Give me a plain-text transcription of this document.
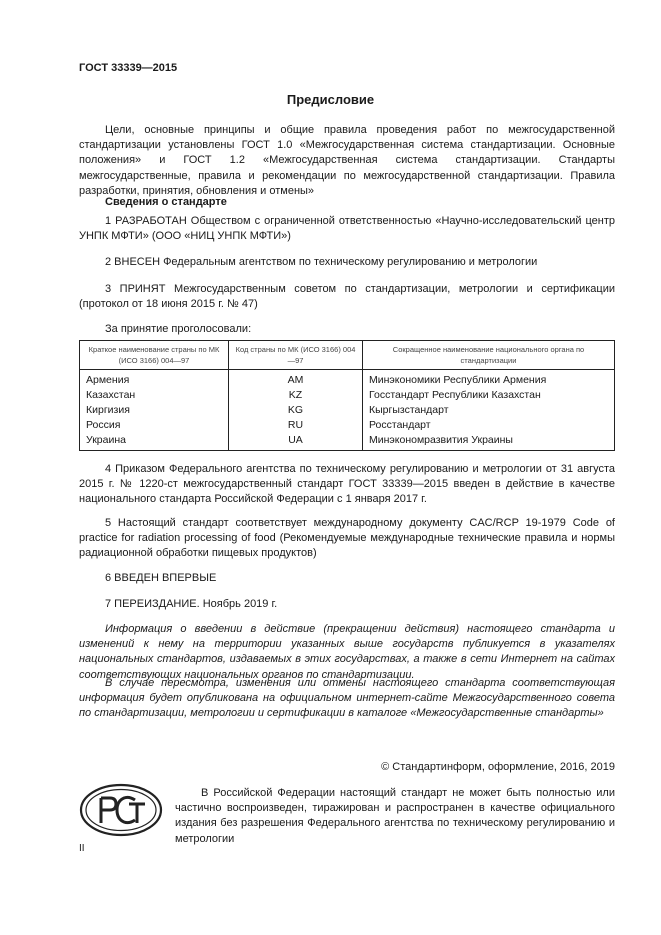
ГОСТ 33339—2015
Предисловие
Цели, основные принципы и общие правила проведения работ по межгосударственной стандартизации установлены ГОСТ 1.0 «Межгосударственная система стандартизации. Основные положения» и ГОСТ 1.2 «Межгосударственная система стандартизации. Стандарты межгосударственные, правила и рекомендации по межгосударственной стандартизации. Правила разработки, принятия, обновления и отмены»
Сведения о стандарте
1 РАЗРАБОТАН Обществом с ограниченной ответственностью «Научно-исследовательский центр УНПК МФТИ» (ООО «НИЦ УНПК МФТИ»)
2 ВНЕСЕН Федеральным агентством по техническому регулированию и метрологии
3 ПРИНЯТ Межгосударственным советом по стандартизации, метрологии и сертификации (протокол от 18 июня 2015 г. № 47)
За принятие проголосовали:
Краткое наименование страны по МК (ИСО 3166) 004—97	Код страны по МК (ИСО 3166) 004—97	Сокращенное наименование национального органа по стандартизации
Армения	AM	Минэкономики Республики Армения
Казахстан	KZ	Госстандарт Республики Казахстан
Киргизия	KG	Кыргызстандарт
Россия	RU	Росстандарт
Украина	UA	Минэкономразвития Украины
4 Приказом Федерального агентства по техническому регулированию и метрологии от 31 августа 2015 г. № 1220-ст межгосударственный стандарт ГОСТ 33339—2015 введен в действие в качестве национального стандарта Российской Федерации с 1 января 2017 г.
5 Настоящий стандарт соответствует международному документу CAC/RCP 19-1979 Code of practice for radiation processing of food (Рекомендуемые международные технические правила и нормы радиационной обработки пищевых продуктов)
6 ВВЕДЕН ВПЕРВЫЕ
7 ПЕРЕИЗДАНИЕ. Ноябрь 2019 г.
Информация о введении в действие (прекращении действия) настоящего стандарта и изменений к нему на территории указанных выше государств публикуется в указателях национальных стандартов, издаваемых в этих государствах, а также в сети Интернет на сайтах соответствующих национальных органов по стандартизации.
В случае пересмотра, изменения или отмены настоящего стандарта соответствующая информация будет опубликована на официальном интернет-сайте Межгосударственного совета по стандартизации, метрологии и сертификации в каталоге «Межгосударственные стандарты»
© Стандартинформ, оформление, 2016, 2019
В Российской Федерации настоящий стандарт не может быть полностью или частично воспроизведен, тиражирован и распространен в качестве официального издания без разрешения Федерального агентства по техническому регулированию и метрологии
II
